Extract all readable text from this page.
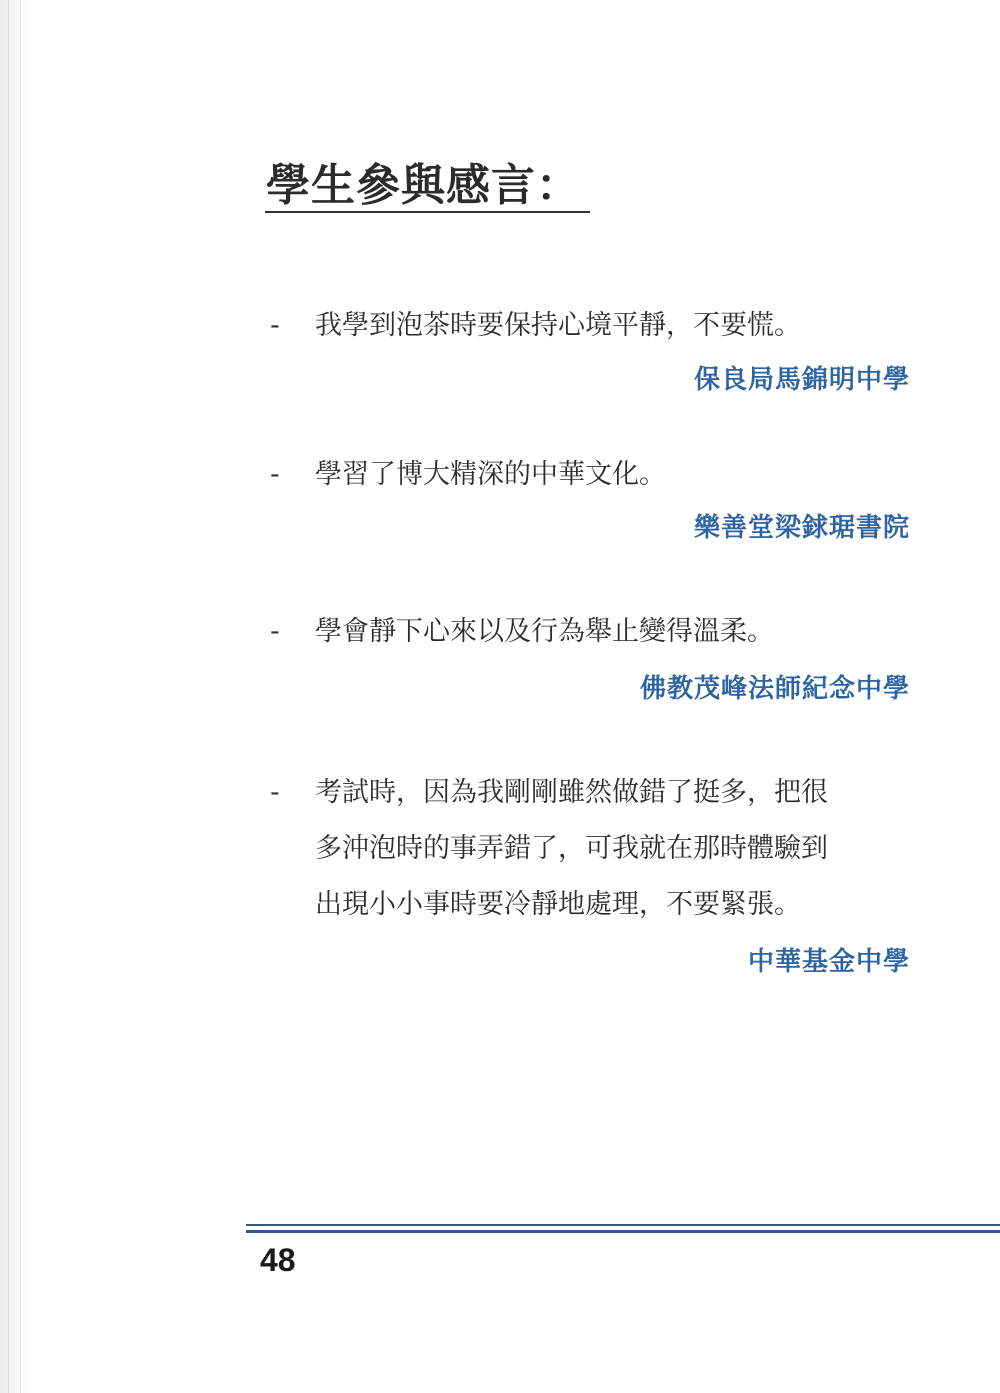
學生參與感言：
-	我學到泡茶時要保持心境平靜，不要慌。
保良局馬錦明中學
-	學習了博大精深的中華文化。
樂善堂梁銶琚書院
-	學會靜下心來以及行為舉止變得溫柔。
佛教茂峰法師紀念中學
-	考試時，因為我剛剛雖然做錯了挺多，把很
多沖泡時的事弄錯了，可我就在那時體驗到
出現小小事時要冷靜地處理，不要緊張。
中華基金中學
48
